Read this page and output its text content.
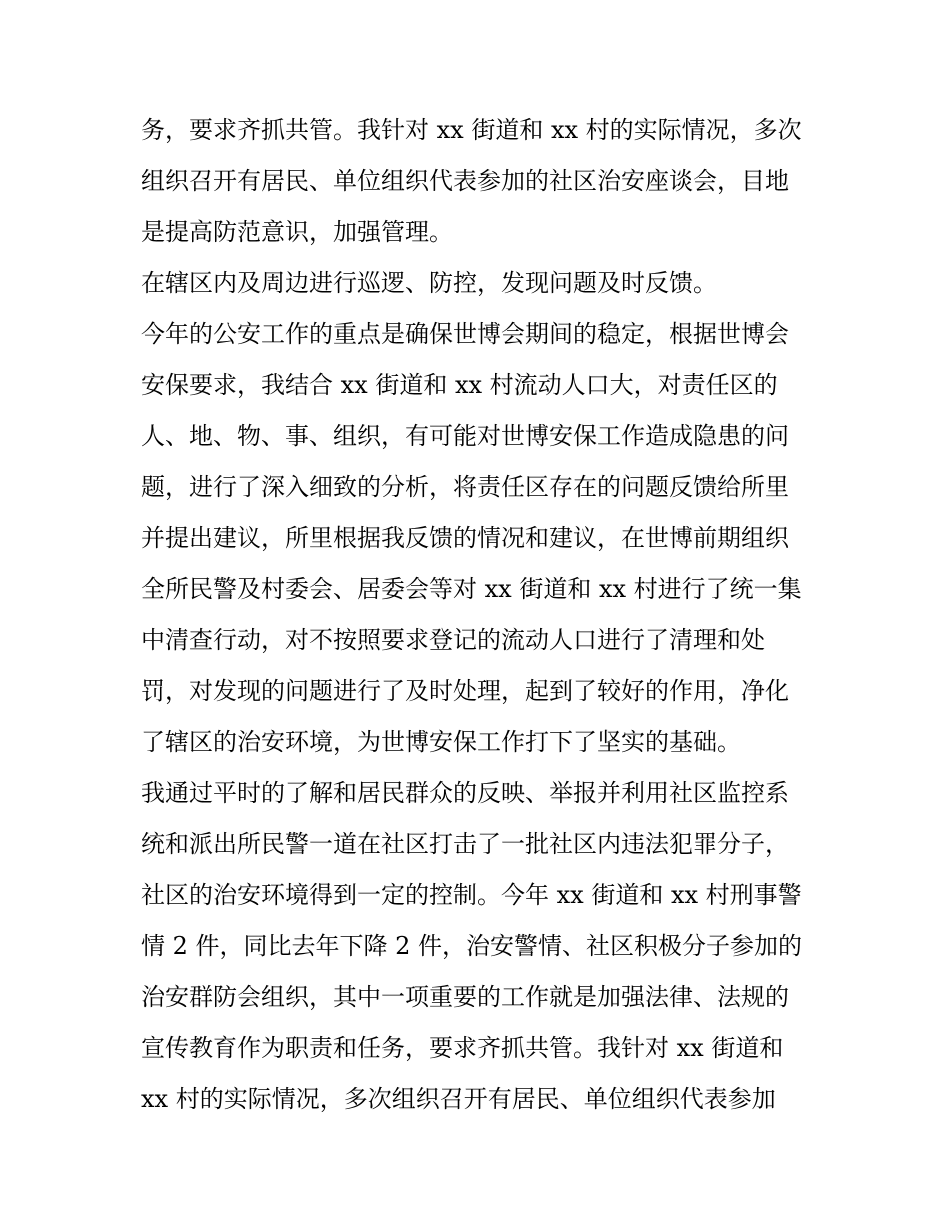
务，要求齐抓共管。我针对 xx 街道和 xx 村的实际情况，多次
组织召开有居民、单位组织代表参加的社区治安座谈会，目地
是提高防范意识，加强管理。
在辖区内及周边进行巡逻、防控，发现问题及时反馈。
今年的公安工作的重点是确保世博会期间的稳定，根据世博会
安保要求，我结合 xx 街道和 xx 村流动人口大，对责任区的
人、地、物、事、组织，有可能对世博安保工作造成隐患的问
题，进行了深入细致的分析，将责任区存在的问题反馈给所里
并提出建议，所里根据我反馈的情况和建议，在世博前期组织
全所民警及村委会、居委会等对 xx 街道和 xx 村进行了统一集
中清查行动，对不按照要求登记的流动人口进行了清理和处
罚，对发现的问题进行了及时处理，起到了较好的作用，净化
了辖区的治安环境，为世博安保工作打下了坚实的基础。
我通过平时的了解和居民群众的反映、举报并利用社区监控系
统和派出所民警一道在社区打击了一批社区内违法犯罪分子，
社区的治安环境得到一定的控制。今年 xx 街道和 xx 村刑事警
情 2 件，同比去年下降 2 件，治安警情、社区积极分子参加的
治安群防会组织，其中一项重要的工作就是加强法律、法规的
宣传教育作为职责和任务，要求齐抓共管。我针对 xx 街道和
xx 村的实际情况，多次组织召开有居民、单位组织代表参加
